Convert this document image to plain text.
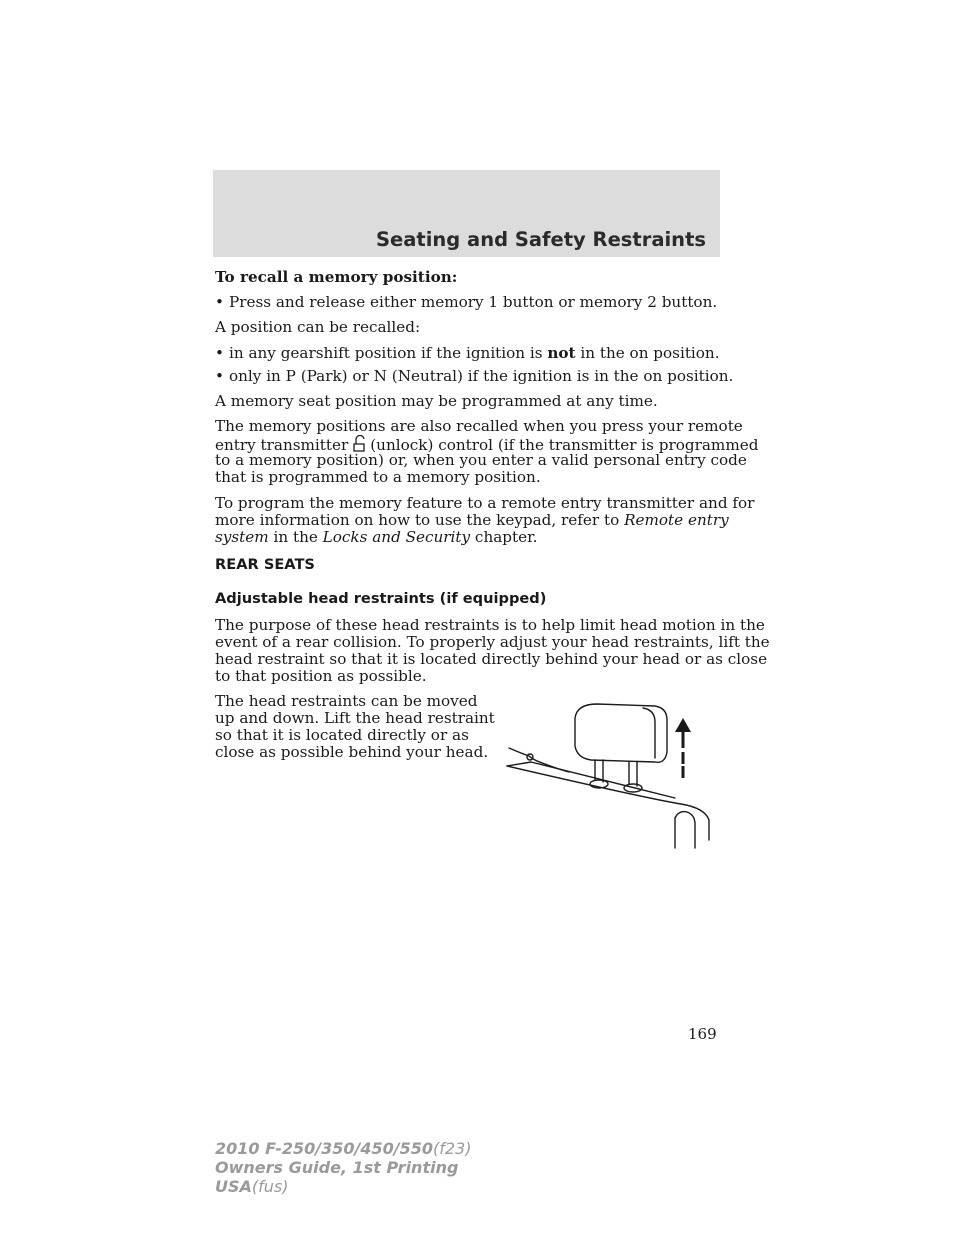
Seating and Safety Restraints

To recall a memory position:

• Press and release either memory 1 button or memory 2 button.

A position can be recalled:

• in any gearshift position if the ignition is not in the on position.
• only in P (Park) or N (Neutral) if the ignition is in the on position.

A memory seat position may be programmed at any time.

The memory positions are also recalled when you press your remote

entry transmitter (unlock) control (if the transmitter is programmed

to a memory position) or, when you enter a valid personal entry code

that is programmed to a memory position.

To program the memory feature to a remote entry transmitter and for

more information on how to use the keypad, refer to Remote entry
system in the Locks and Security chapter.

REAR SEATS

Adjustable head restraints (if equipped)

The purpose of these head restraints is to help limit head motion in the

event of a rear collision. To properly adjust your head restraints, lift the

head restraint so that it is located directly behind your head or as close

to that position as possible.

The head restraints can be moved

up and down. Lift the head restraint

so that it is located directly or as

close as possible behind your head.

169
2010 F-250/350/450/550(f23)
Owners Guide, 1st Printing
USA(fus)
